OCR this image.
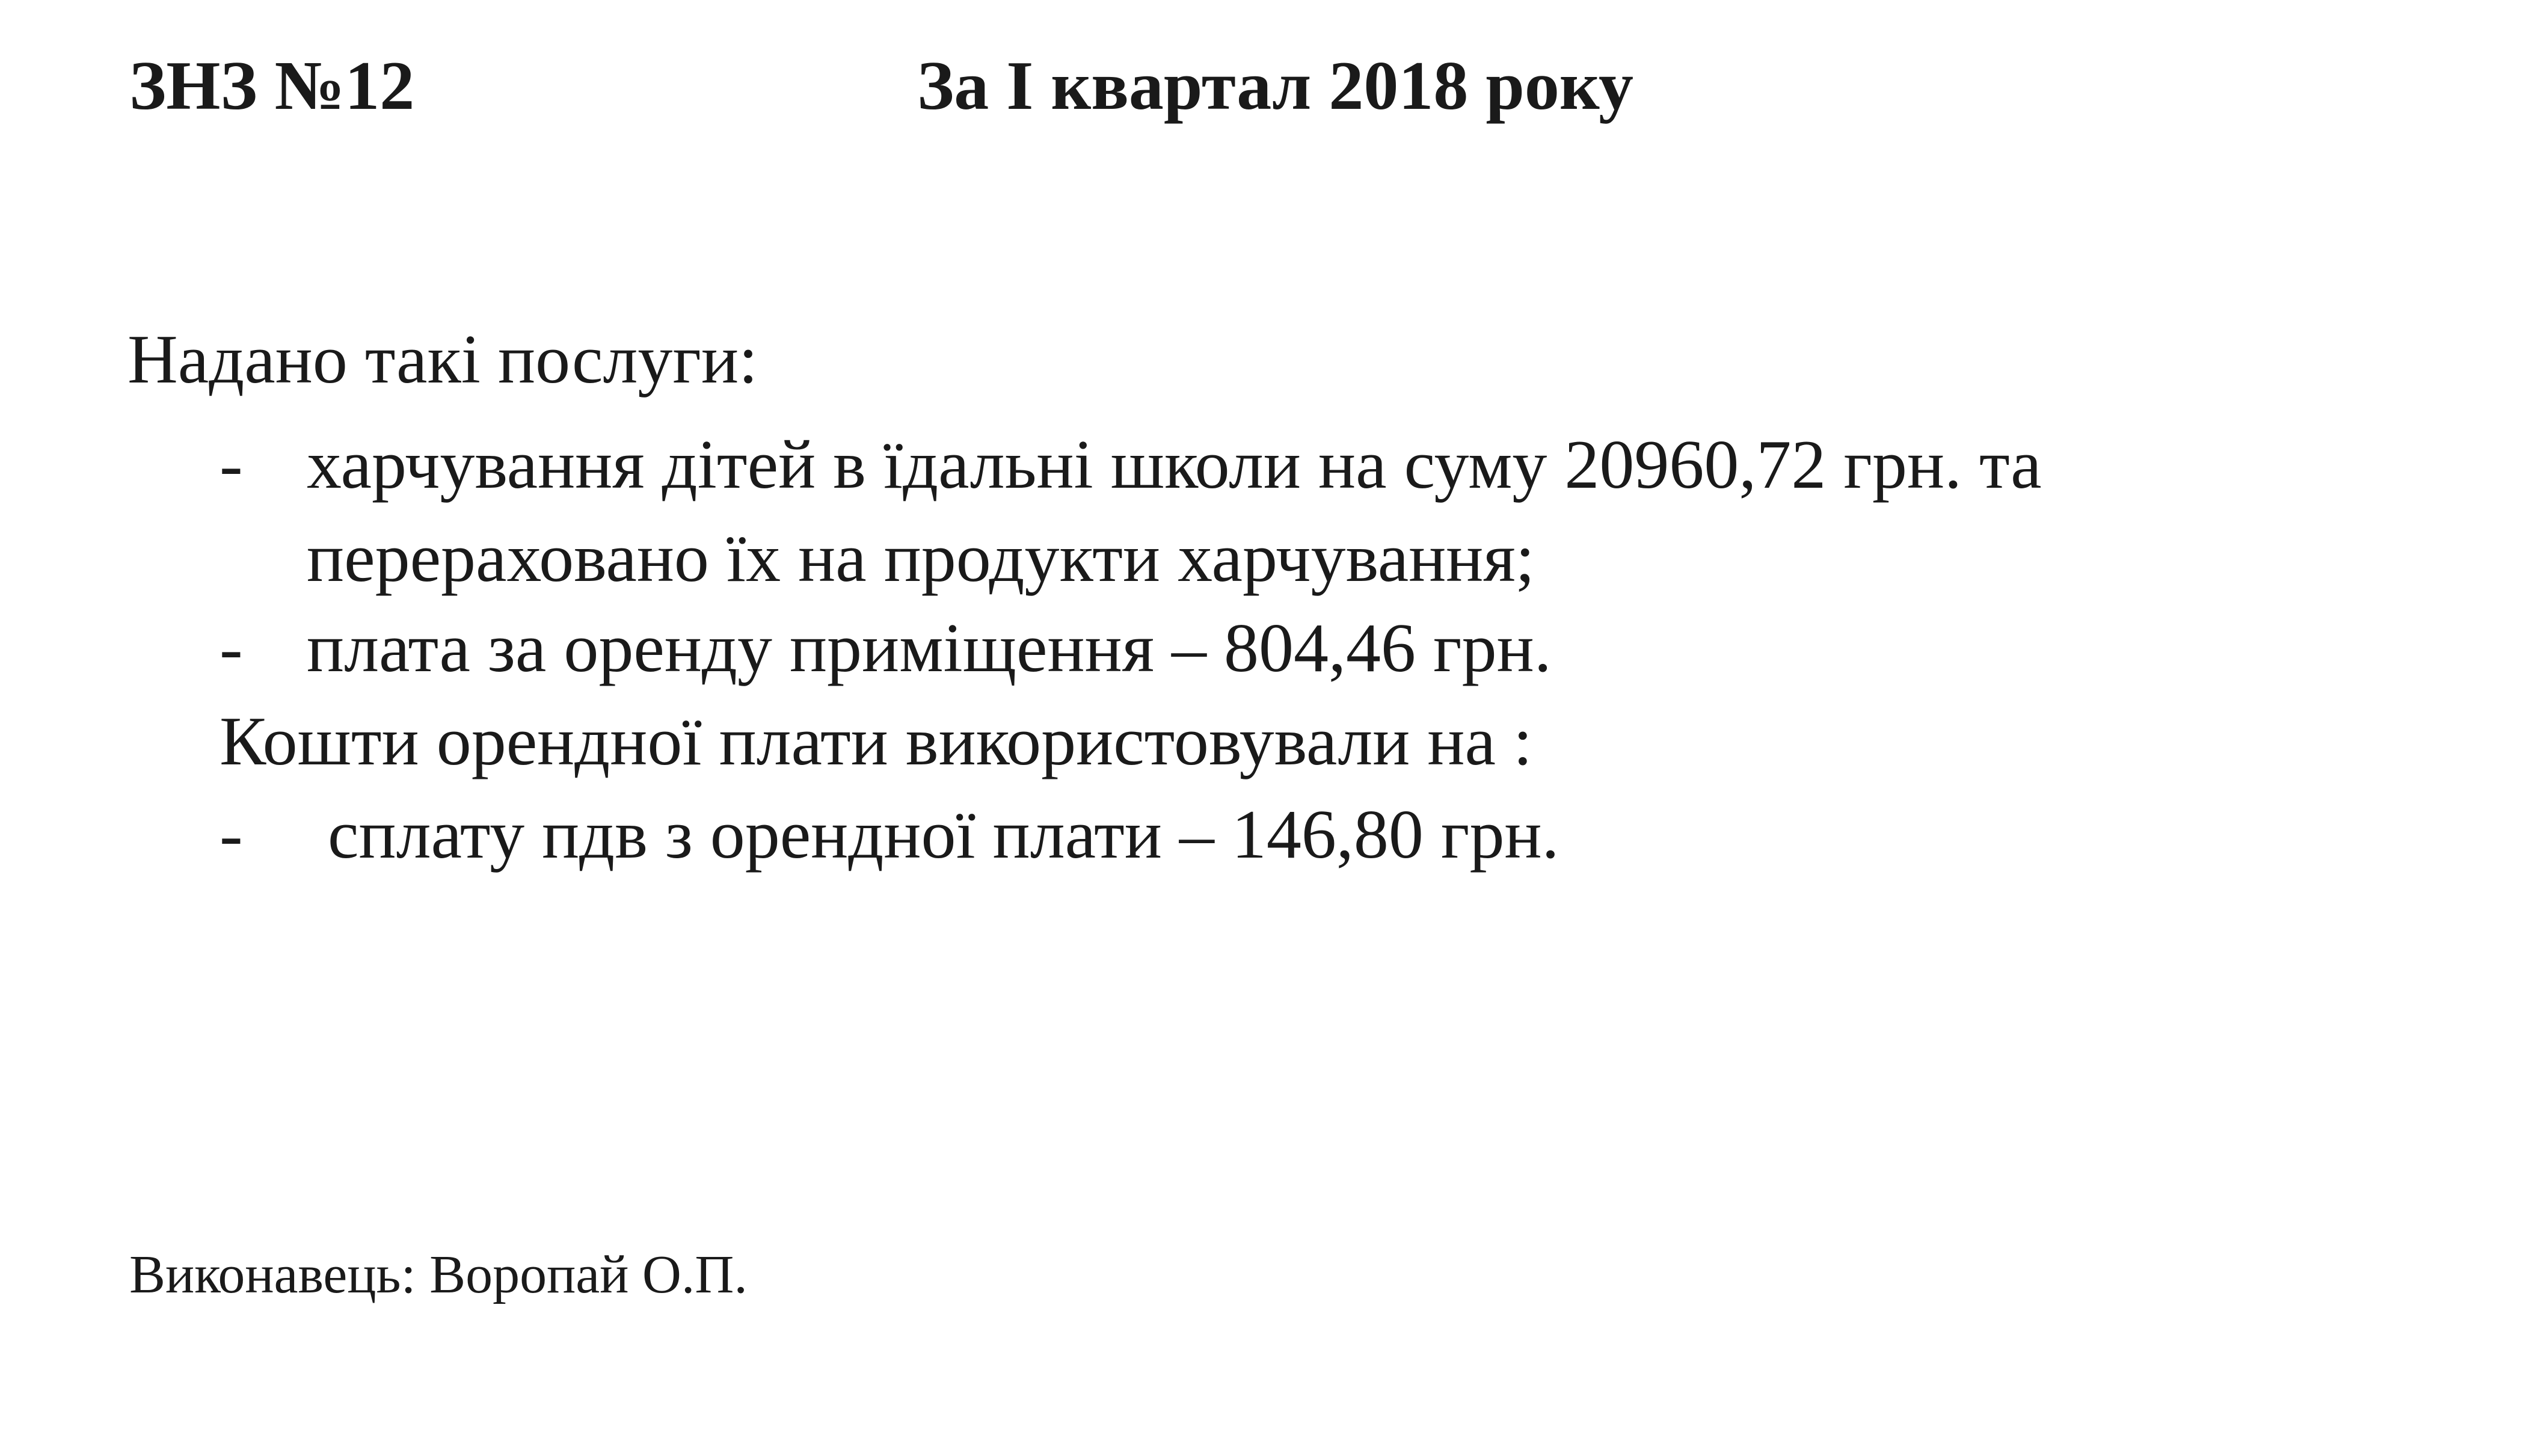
ЗНЗ №12	За І квартал 2018 року
Надано такі послуги:
- харчування дітей в їдальні школи на суму 20960,72 грн. та
перераховано їх на продукти харчування;
- плата за оренду приміщення – 804,46 грн.
Кошти орендної плати використовували на :
- сплату пдв з орендної плати – 146,80 грн.
Виконавець: Воропай О.П.
